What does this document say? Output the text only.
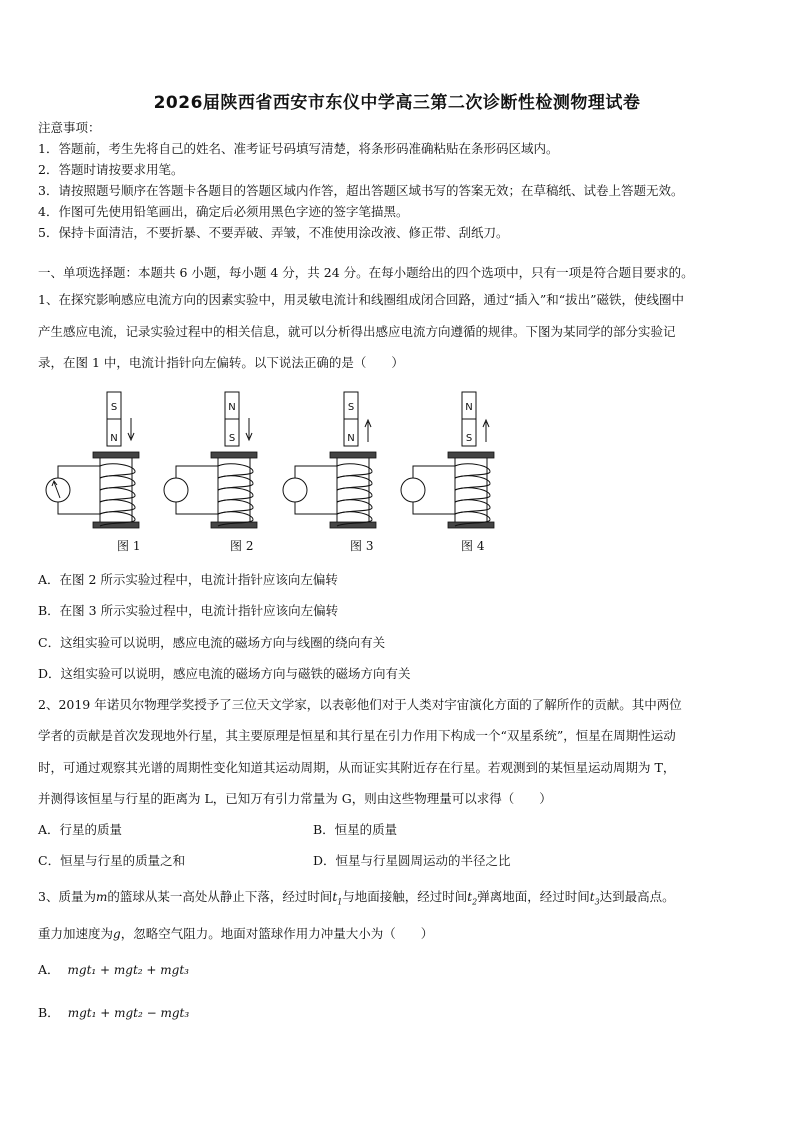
2026届陕西省西安市东仪中学高三第二次诊断性检测物理试卷
注意事项：
1．答题前，考生先将自己的姓名、准考证号码填写清楚，将条形码准确粘贴在条形码区域内。
2．答题时请按要求用笔。
3．请按照题号顺序在答题卡各题目的答题区域内作答，超出答题区域书写的答案无效；在草稿纸、试卷上答题无效。
4．作图可先使用铅笔画出，确定后必须用黑色字迹的签字笔描黑。
5．保持卡面清洁，不要折暴、不要弄破、弄皱，不准使用涂改液、修正带、刮纸刀。
一、单项选择题：本题共 6 小题，每小题 4 分，共 24 分。在每小题给出的四个选项中，只有一项是符合题目要求的。
1、在探究影响感应电流方向的因素实验中，用灵敏电流计和线圈组成闭合回路，通过“插入”和“拔出”磁铁，使线圈中
产生感应电流，记录实验过程中的相关信息，就可以分析得出感应电流方向遵循的规律。下图为某同学的部分实验记
录，在图 1 中，电流计指针向左偏转。以下说法正确的是（　　）
S
N
N
S
S
N
N
S
图 1	图 2	图 3	图 4
A．在图 2 所示实验过程中，电流计指针应该向左偏转
B．在图 3 所示实验过程中，电流计指针应该向左偏转
C．这组实验可以说明，感应电流的磁场方向与线圈的绕向有关
D．这组实验可以说明，感应电流的磁场方向与磁铁的磁场方向有关
2、2019 年诺贝尔物理学奖授予了三位天文学家，以表彰他们对于人类对宇宙演化方面的了解所作的贡献。其中两位
学者的贡献是首次发现地外行星，其主要原理是恒星和其行星在引力作用下构成一个“双星系统”，恒星在周期性运动
时，可通过观察其光谱的周期性变化知道其运动周期，从而证实其附近存在行星。若观测到的某恒星运动周期为 T，
并测得该恒星与行星的距离为 L，已知万有引力常量为 G，则由这些物理量可以求得（　　）
A．行星的质量	B．恒星的质量
C．恒星与行星的质量之和	D．恒星与行星圆周运动的半径之比
3、质量为m的篮球从某一高处从静止下落，经过时间$t_1$与地面接触，经过时间$t_2$弹离地面，经过时间$t_3$达到最高点。
重力加速度为g，忽略空气阻力。地面对篮球作用力冲量大小为（　　）
A． mgt₁ + mgt₂ + mgt₃
B． mgt₁ + mgt₂ − mgt₃
